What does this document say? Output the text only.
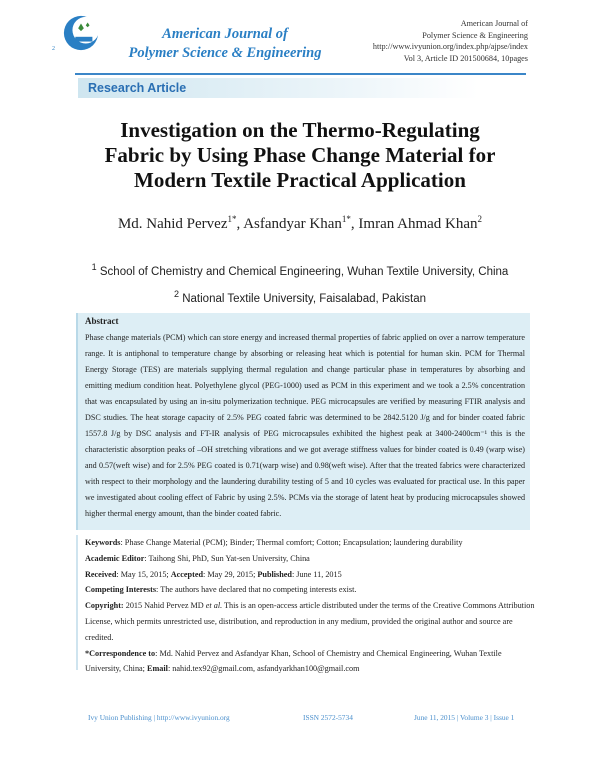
2
American Journal of
Polymer Science & Engineering
American Journal of
Polymer Science & Engineering
http://www.ivyunion.org/index.php/ajpse/index
Vol 3, Article ID 201500684, 10pages
Research Article
Investigation on the Thermo-Regulating
Fabric by Using Phase Change Material for
Modern Textile Practical Application
Md. Nahid Pervez$^{1*}$, Asfandyar Khan$^{1*}$, Imran Ahmad Khan$^2$
$^1$ School of Chemistry and Chemical Engineering, Wuhan Textile University, China
$^2$ National Textile University, Faisalabad, Pakistan
Abstract
Phase change materials (PCM) which can store energy and increased thermal properties of fabric applied on over a narrow temperature range. It is antiphonal to temperature change by absorbing or releasing heat which is potential for human skin. PCM for Thermal Energy Storage (TES) are materials supplying thermal regulation and change particular phase in temperatures by absorbing and emitting medium condition heat. Polyethylene glycol (PEG-1000) used as PCM in this experiment and we took a 2.5% concentration that was encapsulated by using an in-situ polymerization technique. PEG microcapsules are verified by measuring FTIR analysis and DSC studies. The heat storage capacity of 2.5% PEG coated fabric was determined to be 2842.5120 J/g and for binder coated fabric 1557.8 J/g by DSC analysis and FT-IR analysis of PEG microcapsules exhibited the highest peak at 3400-2400cm⁻¹ this is the characteristic absorption peaks of –OH stretching vibrations and we got average stiffness values for binder coated is 0.49 (warp wise) and 0.57(weft wise) and for 2.5% PEG coated is 0.71(warp wise) and 0.98(weft wise). After that the treated fabrics were characterized with respect to their morphology and the laundering durability testing of 5 and 10 cycles was evaluated for practical use. In this paper we investigated about cooling effect of Fabric by using 2.5%. PCMs via the storage of latent heat by producing microcapsules showed higher thermal energy amount, than the binder coated fabric.
Keywords: Phase Change Material (PCM); Binder; Thermal comfort; Cotton; Encapsulation; laundering durability
Academic Editor: Taihong Shi, PhD, Sun Yat-sen University, China
Received: May 15, 2015; Accepted: May 29, 2015; Published: June 11, 2015
Competing Interests: The authors have declared that no competing interests exist.
Copyright: 2015 Nahid Pervez MD et al. This is an open-access article distributed under the terms of the Creative Commons Attribution License, which permits unrestricted use, distribution, and reproduction in any medium, provided the original author and source are credited.
*Correspondence to: Md. Nahid Pervez and Asfandyar Khan, School of Chemistry and Chemical Engineering, Wuhan Textile University, China; Email: nahid.tex92@gmail.com, asfandyarkhan100@gmail.com
Ivy Union Publishing | http://www.ivyunion.org	ISSN 2572-5734	June 11, 2015 | Volume 3 | Issue 1
